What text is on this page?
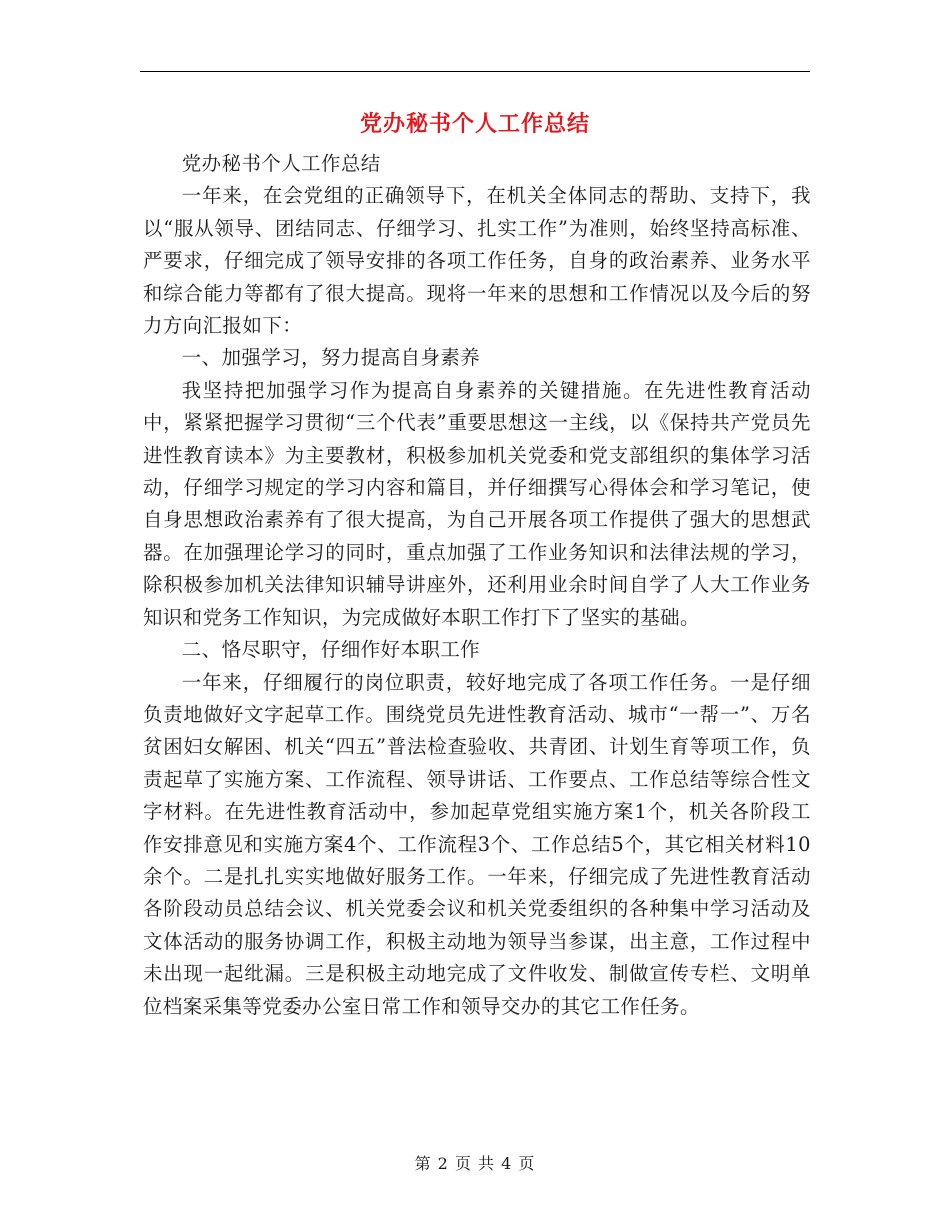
党办秘书个人工作总结

党办秘书个人工作总结

一年来，在会党组的正确领导下，在机关全体同志的帮助、支持下，我以“服从领导、团结同志、仔细学习、扎实工作”为准则，始终坚持高标准、严要求，仔细完成了领导安排的各项工作任务，自身的政治素养、业务水平和综合能力等都有了很大提高。现将一年来的思想和工作情况以及今后的努力方向汇报如下：

一、加强学习，努力提高自身素养

我坚持把加强学习作为提高自身素养的关键措施。在先进性教育活动中，紧紧把握学习贯彻“三个代表”重要思想这一主线，以《保持共产党员先进性教育读本》为主要教材，积极参加机关党委和党支部组织的集体学习活动，仔细学习规定的学习内容和篇目，并仔细撰写心得体会和学习笔记，使自身思想政治素养有了很大提高，为自己开展各项工作提供了强大的思想武器。在加强理论学习的同时，重点加强了工作业务知识和法律法规的学习，除积极参加机关法律知识辅导讲座外，还利用业余时间自学了人大工作业务知识和党务工作知识，为完成做好本职工作打下了坚实的基础。

二、恪尽职守，仔细作好本职工作

一年来，仔细履行的岗位职责，较好地完成了各项工作任务。一是仔细负责地做好文字起草工作。围绕党员先进性教育活动、城市“一帮一”、万名贫困妇女解困、机关“四五”普法检查验收、共青团、计划生育等项工作，负责起草了实施方案、工作流程、领导讲话、工作要点、工作总结等综合性文字材料。在先进性教育活动中，参加起草党组实施方案1个，机关各阶段工作安排意见和实施方案4个、工作流程3个、工作总结5个，其它相关材料10余个。二是扎扎实实地做好服务工作。一年来，仔细完成了先进性教育活动各阶段动员总结会议、机关党委会议和机关党委组织的各种集中学习活动及文体活动的服务协调工作，积极主动地为领导当参谋，出主意，工作过程中未出现一起纰漏。三是积极主动地完成了文件收发、制做宣传专栏、文明单位档案采集等党委办公室日常工作和领导交办的其它工作任务。

第 2 页 共 4 页
